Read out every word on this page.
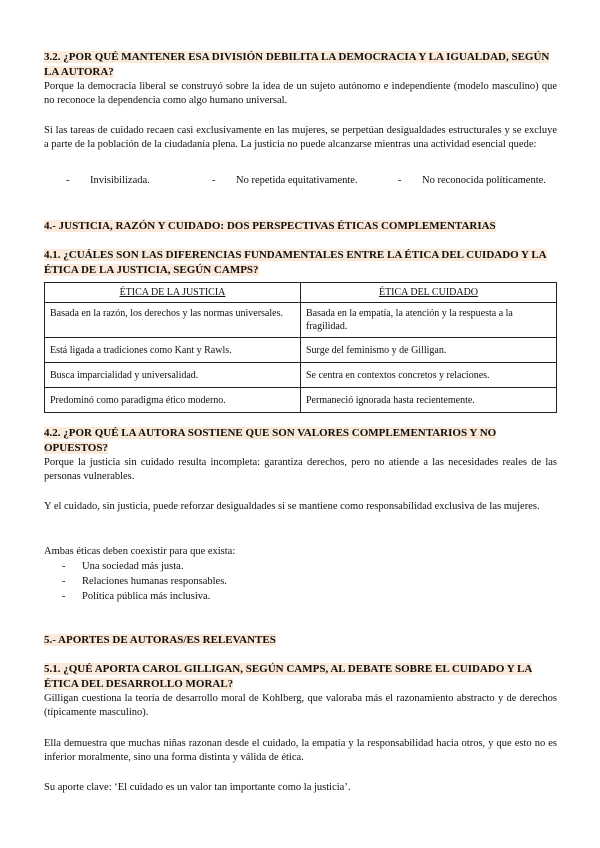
3.2. ¿POR QUÉ MANTENER ESA DIVISIÓN DEBILITA LA DEMOCRACIA Y LA IGUALDAD, SEGÚN LA AUTORA?

Porque la democracia liberal se construyó sobre la idea de un sujeto autónomo e independiente (modelo masculino) que no reconoce la dependencia como algo humano universal.

Si las tareas de cuidado recaen casi exclusivamente en las mujeres, se perpetúan desigualdades estructurales y se excluye a parte de la población de la ciudadanía plena. La justicia no puede alcanzarse mientras una actividad esencial quede:

-	Invisibilizada.	-	No repetida equitativamente.	-	No reconocida políticamente.

4.- JUSTICIA, RAZÓN Y CUIDADO: DOS PERSPECTIVAS ÉTICAS COMPLEMENTARIAS

4.1. ¿CUÁLES SON LAS DIFERENCIAS FUNDAMENTALES ENTRE LA ÉTICA DEL CUIDADO Y LA ÉTICA DE LA JUSTICIA, SEGÚN CAMPS?

ÉTICA DE LA JUSTICIA	ÉTICA DEL CUIDADO
Basada en la razón, los derechos y las normas universales.	Basada en la empatía, la atención y la respuesta a la fragilidad.
Está ligada a tradiciones como Kant y Rawls.	Surge del feminismo y de Gilligan.
Busca imparcialidad y universalidad.	Se centra en contextos concretos y relaciones.
Predominó como paradigma ético moderno.	Permaneció ignorada hasta recientemente.

4.2. ¿POR QUÉ LA AUTORA SOSTIENE QUE SON VALORES COMPLEMENTARIOS Y NO OPUESTOS?

Porque la justicia sin cuidado resulta incompleta: garantiza derechos, pero no atiende a las necesidades reales de las personas vulnerables.

Y el cuidado, sin justicia, puede reforzar desigualdades si se mantiene como responsabilidad exclusiva de las mujeres.

Ambas éticas deben coexistir para que exista:

-	Una sociedad más justa.
-	Relaciones humanas responsables.
-	Política pública más inclusiva.

5.- APORTES DE AUTORAS/ES RELEVANTES

5.1. ¿QUÉ APORTA CAROL GILLIGAN, SEGÚN CAMPS, AL DEBATE SOBRE EL CUIDADO Y LA ÉTICA DEL DESARROLLO MORAL?

Gilligan cuestiona la teoría de desarrollo moral de Kohlberg, que valoraba más el razonamiento abstracto y de derechos (típicamente masculino).

Ella demuestra que muchas niñas razonan desde el cuidado, la empatía y la responsabilidad hacia otros, y que esto no es inferior moralmente, sino una forma distinta y válida de ética.

Su aporte clave: ‘El cuidado es un valor tan importante como la justicia’.
